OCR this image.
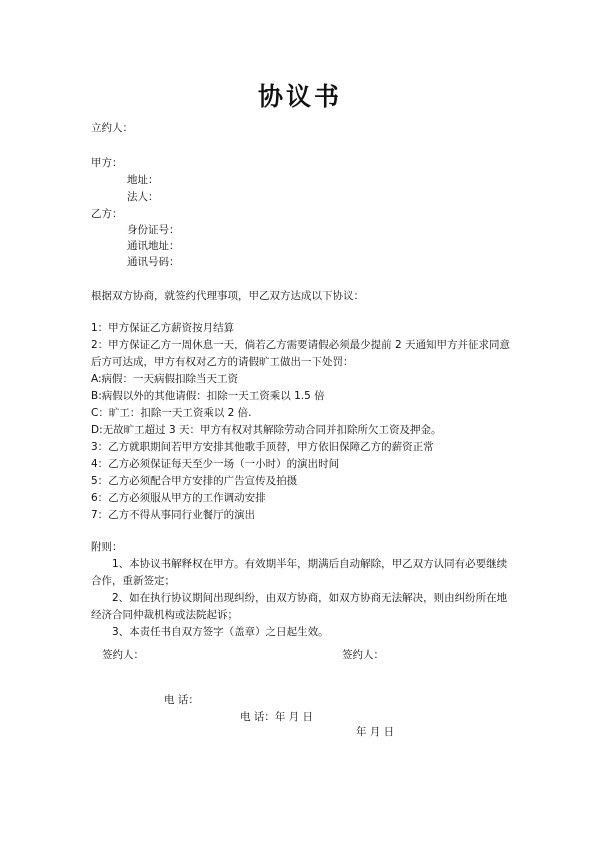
协议书
立约人：
甲方：
地址：
法人：
乙方：
身份证号：
通讯地址：
通讯号码：
根据双方协商，就签约代理事项，甲乙双方达成以下协议：
1：甲方保证乙方薪资按月结算
2：甲方保证乙方一周休息一天，倘若乙方需要请假必须最少提前 2 天通知甲方并征求同意
后方可达成，甲方有权对乙方的请假旷工做出一下处罚：
A:病假：一天病假扣除当天工资
B:病假以外的其他请假：扣除一天工资乘以 1.5 倍
C：旷工：扣除一天工资乘以 2 倍.
D:无故旷工超过 3 天：甲方有权对其解除劳动合同并扣除所欠工资及押金。
3：乙方就职期间若甲方安排其他歌手顶替，甲方依旧保障乙方的薪资正常
4：乙方必须保证每天至少一场（一小时）的演出时间
5：乙方必须配合甲方安排的广告宣传及拍摄
6：乙方必须服从甲方的工作调动安排
7：乙方不得从事同行业餐厅的演出
附则：
1、本协议书解释权在甲方。有效期半年，期满后自动解除，甲乙双方认同有必要继续
合作，重新签定；
2、如在执行协议期间出现纠纷，由双方协商，如双方协商无法解决，则由纠纷所在地
经济合同仲裁机构或法院起诉；
3、本责任书自双方签字（盖章）之日起生效。
签约人：	签约人：
电 话：
电 话：年 月 日
年 月 日
